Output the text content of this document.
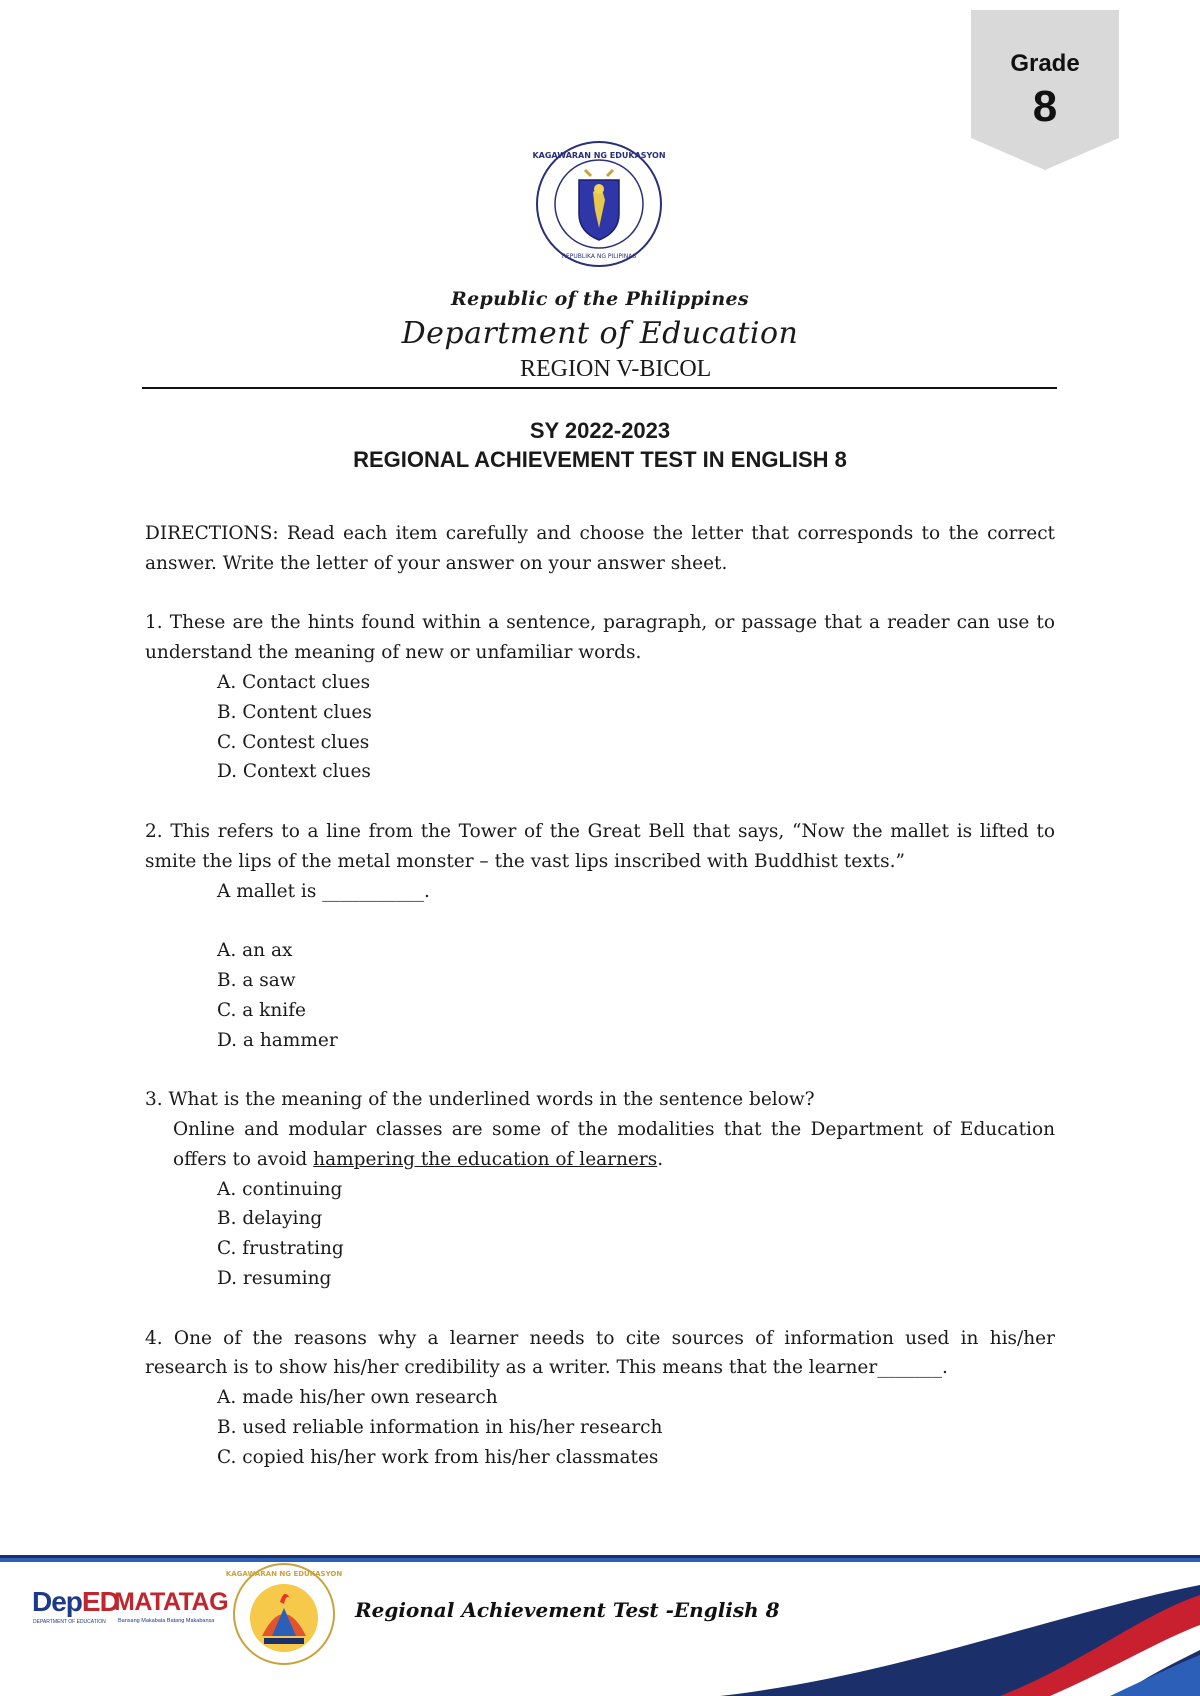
Grade
8
KAGAWARAN NG EDUKASYON
REPUBLIKA NG PILIPINAS
Republic of the Philippines
Department of Education
REGION V-BICOL
SY 2022-2023
REGIONAL ACHIEVEMENT TEST IN ENGLISH 8

DIRECTIONS: Read each item carefully and choose the letter that corresponds to the correct answer. Write the letter of your answer on your answer sheet.

1. These are the hints found within a sentence, paragraph, or passage that a reader can use to understand the meaning of new or unfamiliar words.

A. Contact clues
B. Content clues
C. Contest clues
D. Context clues

2. This refers to a line from the Tower of the Great Bell that says, “Now the mallet is lifted to smite the lips of the metal monster – the vast lips inscribed with Buddhist texts.”

A mallet is ___________.
A. an ax
B. a saw
C. a knife
D. a hammer

3. What is the meaning of the underlined words in the sentence below?

Online and modular classes are some of the modalities that the Department of Education offers to avoid hampering the education of learners.

A. continuing
B. delaying
C. frustrating
D. resuming

4. One of the reasons why a learner needs to cite sources of information used in his/her research is to show his/her credibility as a writer. This means that the learner_______.

A. made his/her own research
B. used reliable information in his/her research
C. copied his/her work from his/her classmates
DepED
DEPARTMENT OF EDUCATION
MATATAG
Bansang Makabata Batang Makabansa
KAGAWARAN NG EDUKASYON
Regional Achievement Test -English 8
